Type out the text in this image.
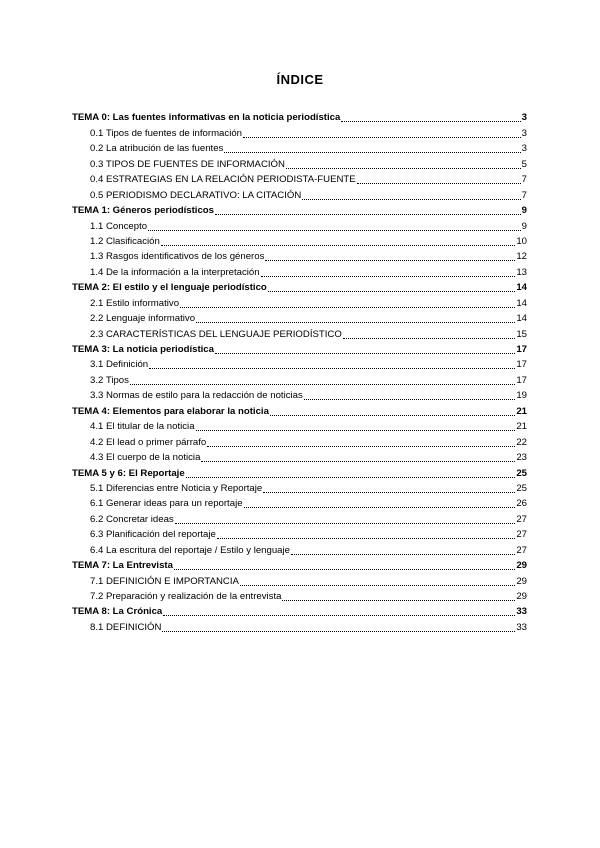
ÍNDICE
TEMA 0: Las fuentes informativas en la noticia periodística	3
0.1 Tipos de fuentes de información	3
0.2 La atribución de las fuentes	3
0.3 TIPOS DE FUENTES DE INFORMACIÓN	5
0.4 ESTRATEGIAS EN LA RELACIÓN PERIODISTA-FUENTE	7
0.5 PERIODISMO DECLARATIVO: LA CITACIÓN	7
TEMA 1: Géneros periodísticos	9
1.1 Concepto	9
1.2 Clasificación	10
1.3 Rasgos identificativos de los géneros	12
1.4 De la información a la interpretación	13
TEMA 2: El estilo y el lenguaje periodístico	14
2.1 Estilo informativo	14
2.2 Lenguaje informativo	14
2.3 CARACTERÍSTICAS DEL LENGUAJE PERIODÍSTICO	15
TEMA 3: La noticia periodística	17
3.1 Definición	17
3.2 Tipos	17
3.3 Normas de estilo para la redacción de noticias	19
TEMA 4: Elementos para elaborar la noticia	21
4.1 El titular de la noticia	21
4.2 El lead o primer párrafo	22
4.3 El cuerpo de la noticia	23
TEMA 5 y 6: El Reportaje	25
5.1 Diferencias entre Noticia y Reportaje	25
6.1 Generar ideas para un reportaje	26
6.2 Concretar ideas	27
6.3 Planificación del reportaje	27
6.4 La escritura del reportaje / Estilo y lenguaje	27
TEMA 7: La Entrevista	29
7.1 DEFINICIÓN E IMPORTANCIA	29
7.2 Preparación y realización de la entrevista	29
TEMA 8: La Crónica	33
8.1 DEFINICIÓN	33
